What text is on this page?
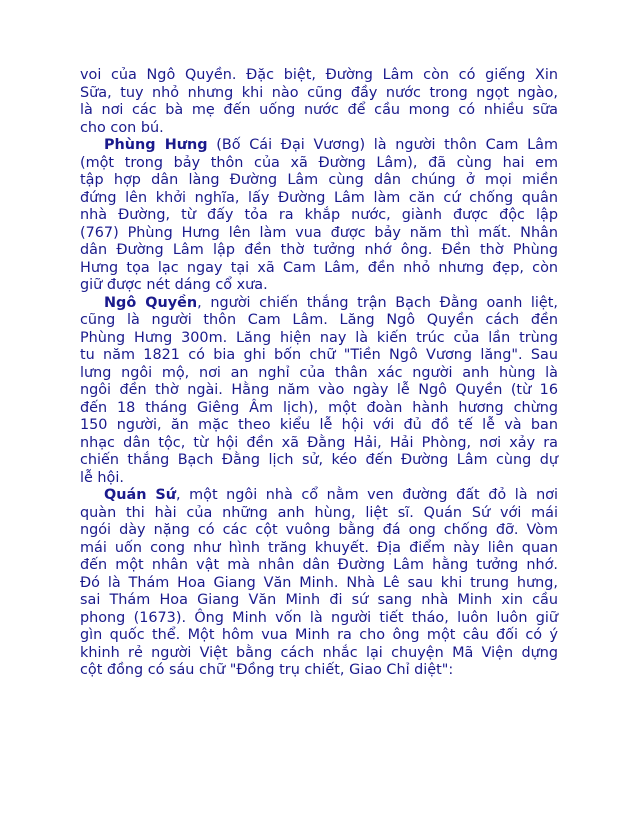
voi của Ngô Quyền. Đặc biệt, Đường Lâm còn có giếng Xin
Sữa, tuy nhỏ nhưng khi nào cũng đầy nước trong ngọt ngào,
là nơi các bà mẹ đến uống nước để cầu mong có nhiều sữa
cho con bú.
Phùng Hưng (Bố Cái Đại Vương) là người thôn Cam Lâm
(một trong bảy thôn của xã Đường Lâm), đã cùng hai em
tập hợp dân làng Đường Lâm cùng dân chúng ở mọi miền
đứng lên khởi nghĩa, lấy Đường Lâm làm căn cứ chống quân
nhà Đường, từ đấy tỏa ra khắp nước, giành được độc lập
(767) Phùng Hưng lên làm vua được bảy năm thì mất. Nhân
dân Đường Lâm lập đền thờ tưởng nhớ ông. Đền thờ Phùng
Hưng tọa lạc ngay tại xã Cam Lâm, đền nhỏ nhưng đẹp, còn
giữ được nét dáng cổ xưa.
Ngô Quyền, người chiến thắng trận Bạch Đằng oanh liệt,
cũng là người thôn Cam Lâm. Lăng Ngô Quyền cách đền
Phùng Hưng 300m. Lăng hiện nay là kiến trúc của lần trùng
tu năm 1821 có bia ghi bốn chữ "Tiền Ngô Vương lăng". Sau
lưng ngôi mộ, nơi an nghỉ của thân xác người anh hùng là
ngôi đền thờ ngài. Hằng năm vào ngày lễ Ngô Quyền (từ 16
đến 18 tháng Giêng Âm lịch), một đoàn hành hương chừng
150 người, ăn mặc theo kiểu lễ hội với đủ đồ tế lễ và ban
nhạc dân tộc, từ hội đền xã Đằng Hải, Hải Phòng, nơi xảy ra
chiến thắng Bạch Đằng lịch sử, kéo đến Đường Lâm cùng dự
lễ hội.
Quán Sứ, một ngôi nhà cổ nằm ven đường đất đỏ là nơi
quàn thi hài của những anh hùng, liệt sĩ. Quán Sứ với mái
ngói dày nặng có các cột vuông bằng đá ong chống đỡ. Vòm
mái uốn cong như hình trăng khuyết. Địa điểm này liên quan
đến một nhân vật mà nhân dân Đường Lâm hằng tưởng nhớ.
Đó là Thám Hoa Giang Văn Minh. Nhà Lê sau khi trung hưng,
sai Thám Hoa Giang Văn Minh đi sứ sang nhà Minh xin cầu
phong (1673). Ông Minh vốn là người tiết tháo, luôn luôn giữ
gìn quốc thể. Một hôm vua Minh ra cho ông một câu đối có ý
khinh rẻ người Việt bằng cách nhắc lại chuyện Mã Viện dựng
cột đồng có sáu chữ "Đồng trụ chiết, Giao Chỉ diệt":
